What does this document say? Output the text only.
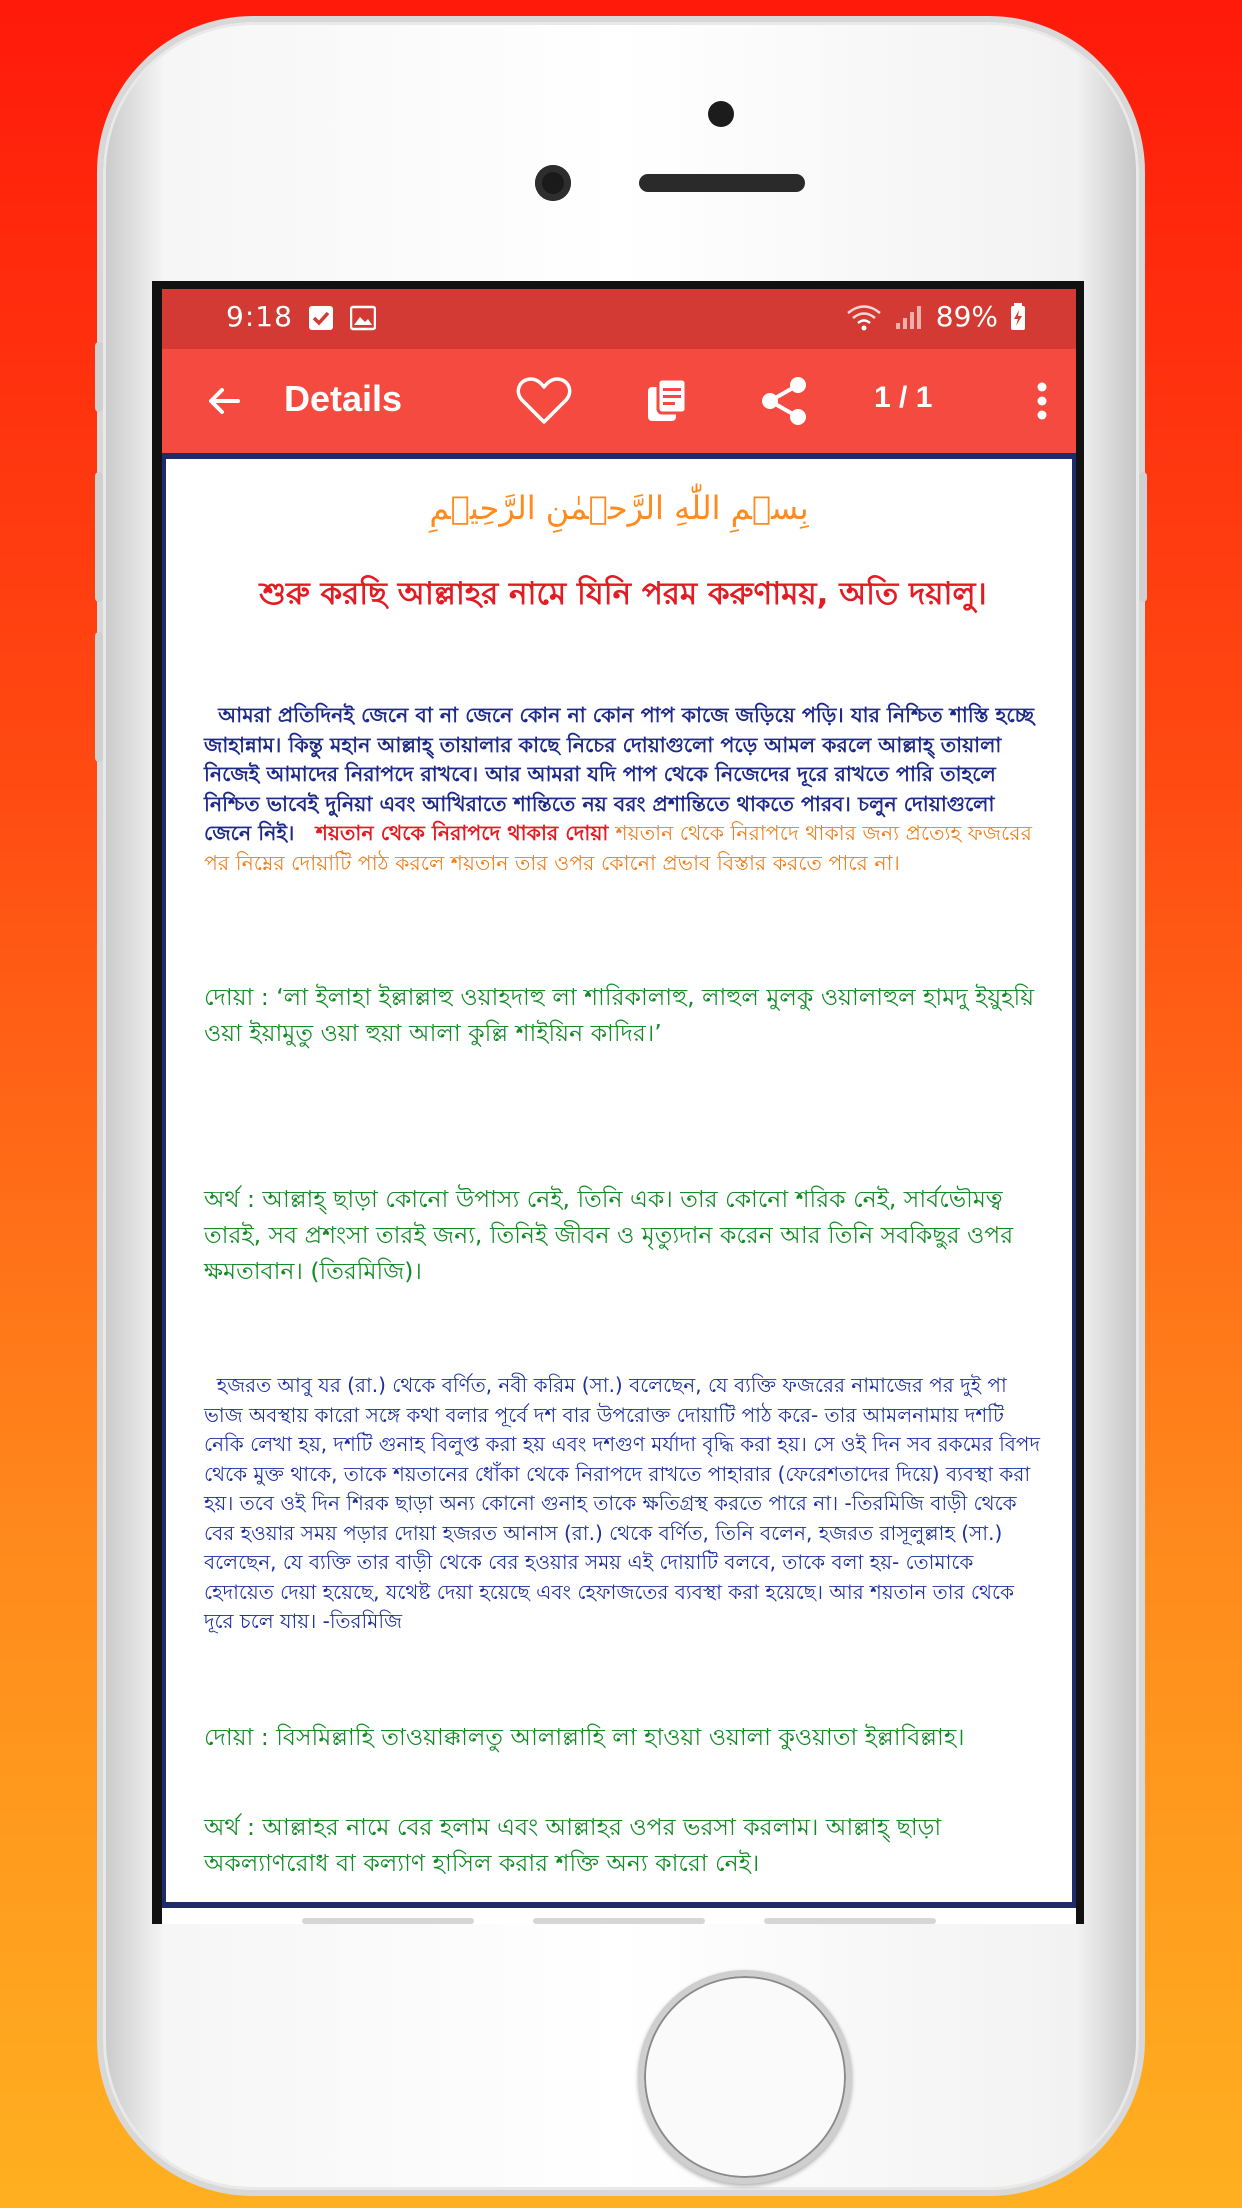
9:18	89%
Details	1 / 1
بِسۡمِ اللّٰهِ الرَّحۡمٰنِ الرَّحِیۡمِ
শুরু করছি আল্লাহর নামে যিনি পরম করুণাময়, অতি দয়ালু।
আমরা প্রতিদিনই জেনে বা না জেনে কোন না কোন পাপ কাজে জড়িয়ে পড়ি। যার নিশ্চিত শাস্তি হচ্ছে জাহান্নাম। কিন্তু মহান আল্লাহ্‌ তায়ালার কাছে নিচের দোয়াগুলো পড়ে আমল করলে আল্লাহ্‌ তায়ালা নিজেই আমাদের নিরাপদে রাখবে। আর আমরা যদি পাপ থেকে নিজেদের দূরে রাখতে পারি তাহলে নিশ্চিত ভাবেই দুনিয়া এবং আখিরাতে শান্তিতে নয় বরং প্রশান্তিতে থাকতে পারব। চলুন দোয়াগুলো জেনে নিই। শয়তান থেকে নিরাপদে থাকার দোয়া শয়তান থেকে নিরাপদে থাকার জন্য প্রত্যেহ ফজরের পর নিম্নের দোয়াটি পাঠ করলে শয়তান তার ওপর কোনো প্রভাব বিস্তার করতে পারে না।
দোয়া : ‘লা ইলাহা ইল্লাল্লাহু ওয়াহদাহু লা শারিকালাহু, লাহুল মুলকু ওয়ালাহুল হামদু ইয়ুহয়ি ওয়া ইয়ামুতু ওয়া হুয়া আলা কুল্লি শাইয়িন কাদির।’
অর্থ : আল্লাহ্‌ ছাড়া কোনো উপাস্য নেই, তিনি এক। তার কোনো শরিক নেই, সার্বভৌমত্ব তারই, সব প্রশংসা তারই জন্য, তিনিই জীবন ও মৃত্যুদান করেন আর তিনি সবকিছুর ওপর ক্ষমতাবান। (তিরমিজি)।
হজরত আবু যর (রা.) থেকে বর্ণিত, নবী করিম (সা.) বলেছেন, যে ব্যক্তি ফজরের নামাজের পর দুই পা ভাজ অবস্থায় কারো সঙ্গে কথা বলার পূর্বে দশ বার উপরোক্ত দোয়াটি পাঠ করে- তার আমলনামায় দশটি নেকি লেখা হয়, দশটি গুনাহ বিলুপ্ত করা হয় এবং দশগুণ মর্যাদা বৃদ্ধি করা হয়। সে ওই দিন সব রকমের বিপদ থেকে মুক্ত থাকে, তাকে শয়তানের ধোঁকা থেকে নিরাপদে রাখতে পাহারার (ফেরেশতাদের দিয়ে) ব্যবস্থা করা হয়। তবে ওই দিন শিরক ছাড়া অন্য কোনো গুনাহ তাকে ক্ষতিগ্রস্থ করতে পারে না। -তিরমিজি বাড়ী থেকে বের হওয়ার সময় পড়ার দোয়া হজরত আনাস (রা.) থেকে বর্ণিত, তিনি বলেন, হজরত রাসূলুল্লাহ (সা.) বলেছেন, যে ব্যক্তি তার বাড়ী থেকে বের হওয়ার সময় এই দোয়াটি বলবে, তাকে বলা হয়- তোমাকে হেদায়েত দেয়া হয়েছে, যথেষ্ট দেয়া হয়েছে এবং হেফাজতের ব্যবস্থা করা হয়েছে। আর শয়তান তার থেকে দূরে চলে যায়। -তিরমিজি
দোয়া : বিসমিল্লাহি তাওয়াক্কালতু আলাল্লাহি লা হাওয়া ওয়ালা কুওয়াতা ইল্লাবিল্লাহ।
অর্থ : আল্লাহর নামে বের হলাম এবং আল্লাহর ওপর ভরসা করলাম। আল্লাহ্‌ ছাড়া অকল্যাণরোধ বা কল্যাণ হাসিল করার শক্তি অন্য কারো নেই।
